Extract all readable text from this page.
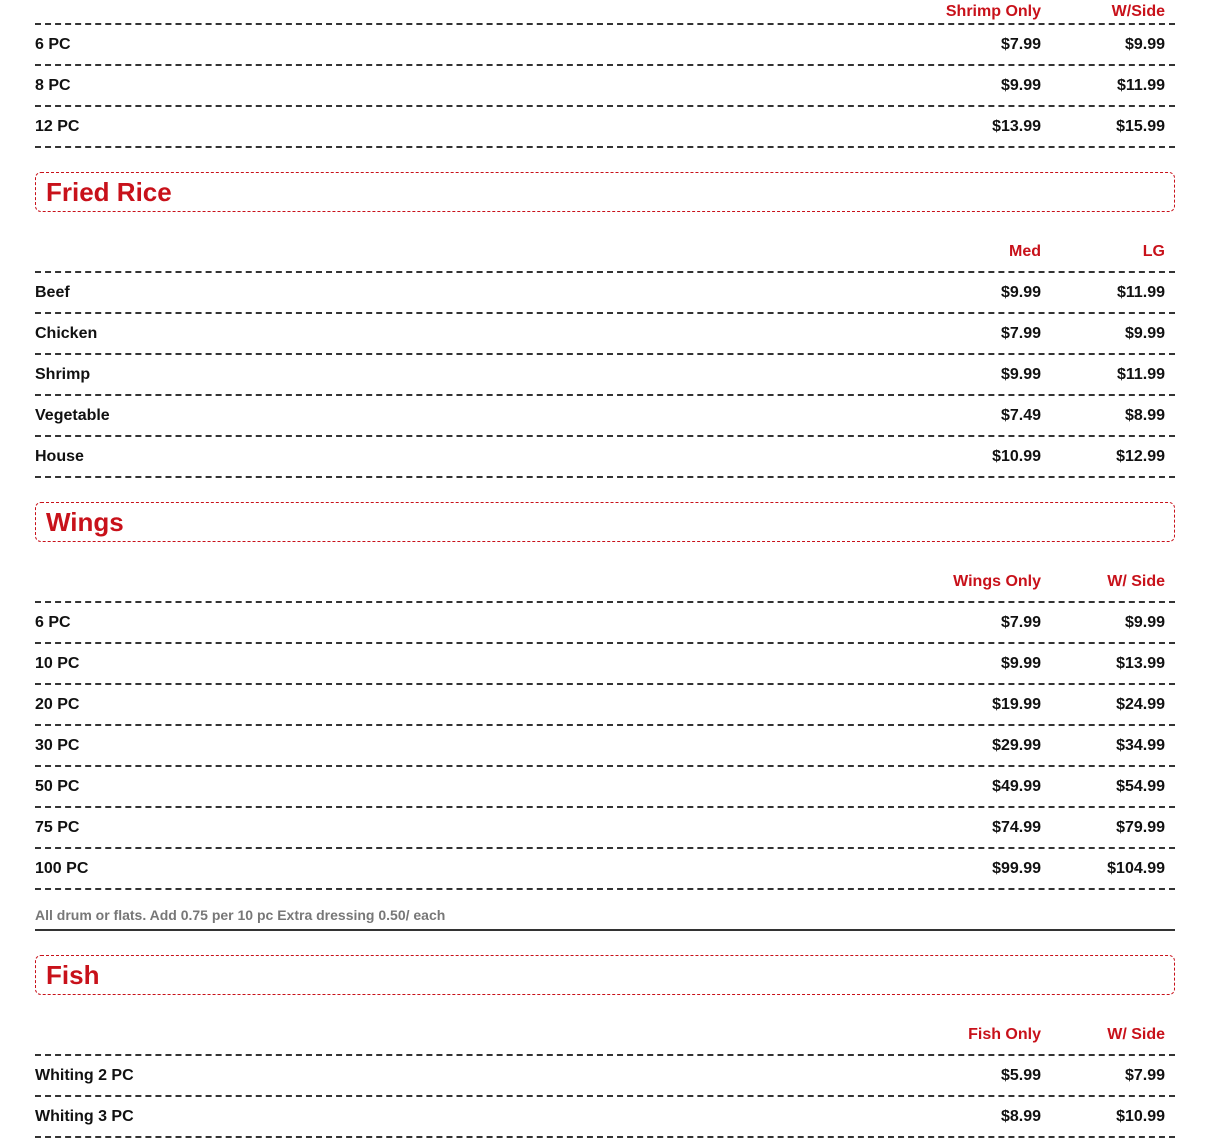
Shrimp Only	W/Side
6 PC	$7.99	$9.99
8 PC	$9.99	$11.99
12 PC	$13.99	$15.99
Fried Rice
Med	LG
Beef	$9.99	$11.99
Chicken	$7.99	$9.99
Shrimp	$9.99	$11.99
Vegetable	$7.49	$8.99
House	$10.99	$12.99
Wings
Wings Only	W/ Side
6 PC	$7.99	$9.99
10 PC	$9.99	$13.99
20 PC	$19.99	$24.99
30 PC	$29.99	$34.99
50 PC	$49.99	$54.99
75 PC	$74.99	$79.99
100 PC	$99.99	$104.99
All drum or flats. Add 0.75 per 10 pc Extra dressing 0.50/ each
Fish
Fish Only	W/ Side
Whiting 2 PC	$5.99	$7.99
Whiting 3 PC	$8.99	$10.99
